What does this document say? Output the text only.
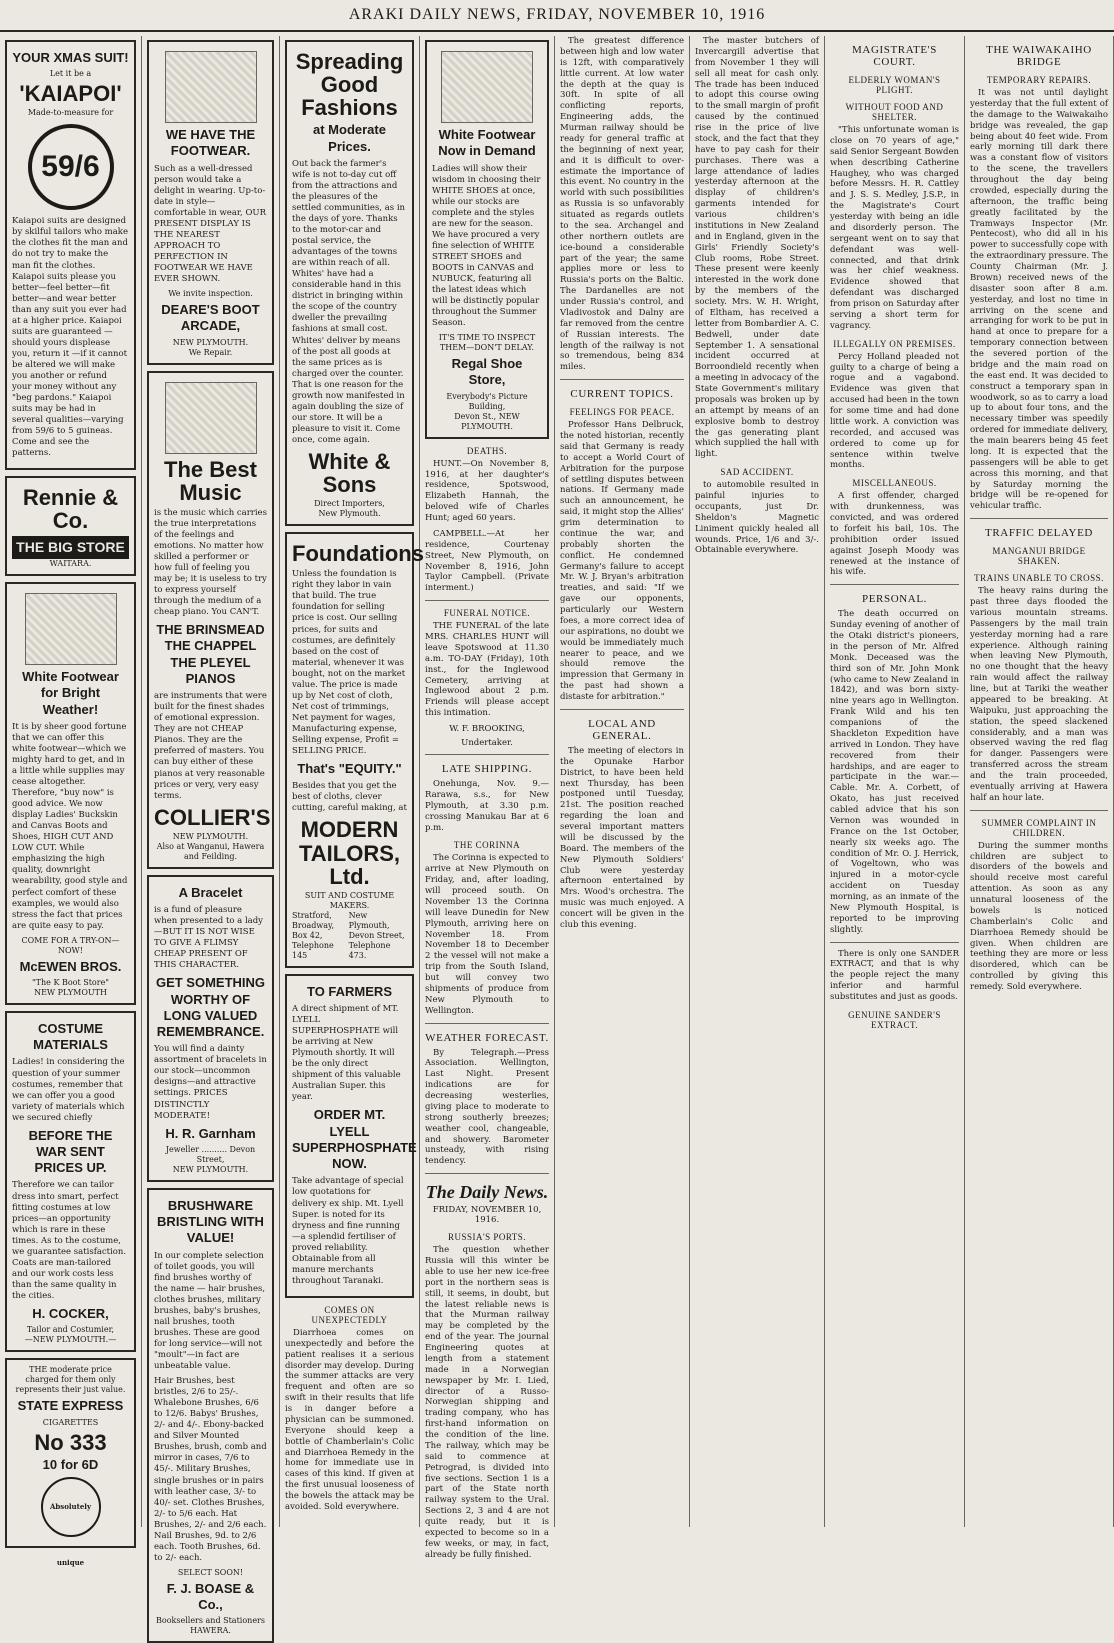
ARAKI DAILY NEWS, FRIDAY, NOVEMBER 10, 1916
YOUR XMAS SUIT!
Let it be a
'KAIAPOI'
Made-to-measure for
59/6
Kaiapoi suits are designed by skilful tailors who make the clothes fit the man and do not try to make the man fit the clothes. Kaiapoi suits please you better—feel better—fit better—and wear better than any suit you ever had at a higher price. Kaiapoi suits are guaranteed — should yours displease you, return it —if it cannot be altered we will make you another or refund your money without any "beg pardons." Kaiapoi suits may be had in several qualities—varying from 59/6 to 5 guineas. Come and see the patterns.
Rennie & Co.
THE BIG STORE
WAITARA.
White Footwear for Bright Weather!
It is by sheer good fortune that we can offer this white footwear—which we mighty hard to get, and in a little while supplies may cease altogether. Therefore, "buy now" is good advice. We now display Ladies' Buckskin and Canvas Boots and Shoes, HIGH CUT AND LOW CUT. While emphasizing the high quality, downright wearability, good style and perfect comfort of these examples, we would also stress the fact that prices are quite easy to pay.
COME FOR A TRY-ON— NOW!
McEWEN BROS.
"The K Boot Store"
NEW PLYMOUTH
COSTUME MATERIALS
Ladies! in considering the question of your summer costumes, remember that we can offer you a good variety of materials which we secured chiefly
BEFORE THE WAR SENT PRICES UP.
Therefore we can tailor dress into smart, perfect fitting costumes at low prices—an opportunity which is rare in these times. As to the costume, we guarantee satisfaction. Coats are man-tailored and our work costs less than the same quality in the cities.
H. COCKER,
Tailor and Costumier,
—NEW PLYMOUTH.—
THE moderate price charged for them only represents their just value.
STATE EXPRESS
CIGARETTES
No 333
10 for 6D
Absolutely unique
WE HAVE THE FOOTWEAR.
Such as a well-dressed person would take a delight in wearing. Up-to-date in style—comfortable in wear, OUR PRESENT DISPLAY IS THE NEAREST APPROACH TO PERFECTION IN FOOTWEAR WE HAVE EVER SHOWN.
We invite inspection.
DEARE'S BOOT ARCADE,
NEW PLYMOUTH.
We Repair.
The Best Music
is the music which carries the true interpretations of the feelings and emotions. No matter how skilled a performer or how full of feeling you may be; it is useless to try to express yourself through the medium of a cheap piano. You CAN'T.
THE BRINSMEAD THE CHAPPEL THE PLEYEL PIANOS
are instruments that were built for the finest shades of emotional expression. They are not CHEAP Pianos. They are the preferred of masters. You can buy either of these pianos at very reasonable prices or very, very easy terms.
COLLIER'S
NEW PLYMOUTH.
Also at Wanganui, Hawera and Feilding.
A Bracelet
is a fund of pleasure when presented to a lady—BUT IT IS NOT WISE TO GIVE A FLIMSY CHEAP PRESENT OF THIS CHARACTER.
GET SOMETHING WORTHY OF LONG VALUED REMEMBRANCE.
You will find a dainty assortment of bracelets in our stock—uncommon designs—and attractive settings. PRICES DISTINCTLY MODERATE!
H. R. Garnham
Jeweller .......... Devon Street,
NEW PLYMOUTH.
BRUSHWARE BRISTLING WITH VALUE!
In our complete selection of toilet goods, you will find brushes worthy of the name — hair brushes, clothes brushes, military brushes, baby's brushes, nail brushes, tooth brushes. These are good for long service—will not "moult"—in fact are unbeatable value.
Hair Brushes, best bristles, 2/6 to 25/-. Whalebone Brushes, 6/6 to 12/6. Babys' Brushes, 2/- and 4/-. Ebony-backed and Silver Mounted Brushes, brush, comb and mirror in cases, 7/6 to 45/-. Military Brushes, single brushes or in pairs with leather case, 3/- to 40/- set. Clothes Brushes, 2/- to 5/6 each. Hat Brushes, 2/- and 2/6 each. Nail Brushes, 9d. to 2/6 each. Tooth Brushes, 6d. to 2/- each.
SELECT SOON!
F. J. BOASE & Co.,
Booksellers and Stationers
HAWERA.
Spreading Good Fashions
at Moderate Prices.
Out back the farmer's wife is not to-day cut off from the attractions and the pleasures of the settled communities, as in the days of yore. Thanks to the motor-car and postal service, the advantages of the towns are within reach of all. Whites' have had a considerable hand in this district in bringing within the scope of the country dweller the prevailing fashions at small cost. Whites' deliver by means of the post all goods at the same prices as is charged over the counter. That is one reason for the growth now manifested in again doubling the size of our store. It will be a pleasure to visit it. Come once, come again.
White & Sons
Direct Importers,
New Plymouth.
Foundations
Unless the foundation is right they labor in vain that build. The true foundation for selling price is cost. Our selling prices, for suits and costumes, are definitely based on the cost of material, whenever it was bought, not on the market value. The price is made up by Net cost of cloth, Net cost of trimmings, Net payment for wages, Manufacturing expense, Selling expense, Profit = SELLING PRICE.
That's "EQUITY."
Besides that you get the best of cloths, clever cutting, careful making, at
MODERN TAILORS, Ltd.
SUIT AND COSTUME MAKERS.
Stratford, Broadway, Box 42, Telephone 145
New Plymouth, Devon Street, Telephone 473.
TO FARMERS
A direct shipment of MT. LYELL SUPERPHOSPHATE will be arriving at New Plymouth shortly. It will be the only direct shipment of this valuable Australian Super. this year.
ORDER MT. LYELL SUPERPHOSPHATE NOW.
Take advantage of special low quotations for delivery ex ship. Mt. Lyell Super. is noted for its dryness and fine running—a splendid fertiliser of proved reliability. Obtainable from all manure merchants throughout Taranaki.
COMES ON UNEXPECTEDLY

Diarrhoea comes on unexpectedly and before the patient realises it a serious disorder may develop. During the summer attacks are very frequent and often are so swift in their results that life is in danger before a physician can be summoned. Everyone should keep a bottle of Chamberlain's Colic and Diarrhoea Remedy in the home for immediate use in cases of this kind. If given at the first unusual looseness of the bowels the attack may be avoided. Sold everywhere.

White Footwear Now in Demand
Ladies will show their wisdom in choosing their WHITE SHOES at once, while our stocks are complete and the styles are new for the season. We have procured a very fine selection of WHITE STREET SHOES and BOOTS in CANVAS and NUBUCK, featuring all the latest ideas which will be distinctly popular throughout the Summer Season.
IT'S TIME TO INSPECT THEM—DON'T DELAY.
Regal Shoe Store,
Everybody's Picture Building,
Devon St., NEW PLYMOUTH.
DEATHS.

HUNT.—On November 8, 1916, at her daughter's residence, Spotswood, Elizabeth Hannah, the beloved wife of Charles Hunt; aged 60 years.

CAMPBELL.—At her residence, Courtenay Street, New Plymouth, on November 8, 1916, John Taylor Campbell. (Private interment.)

FUNERAL NOTICE.

THE FUNERAL of the late MRS. CHARLES HUNT will leave Spotswood at 11.30 a.m. TO-DAY (Friday), 10th inst., for the Inglewood Cemetery, arriving at Inglewood about 2 p.m. Friends will please accept this intimation.

W. F. BROOKING,
Undertaker.
LATE SHIPPING.

Onehunga, Nov. 9.—Rarawa, s.s., for New Plymouth, at 3.30 p.m. crossing Manukau Bar at 6 p.m.

THE CORINNA

The Corinna is expected to arrive at New Plymouth on Friday, and, after loading, will proceed south. On November 13 the Corinna will leave Dunedin for New Plymouth, arriving here on November 18. From November 18 to December 2 the vessel will not make a trip from the South Island, but will convey two shipments of produce from New Plymouth to Wellington.

WEATHER FORECAST.

By Telegraph.—Press Association. Wellington, Last Night. Present indications are for decreasing westerlies, giving place to moderate to strong southerly breezes; weather cool, changeable, and showery. Barometer unsteady, with rising tendency.

The Daily News.
FRIDAY, NOVEMBER 10, 1916.
RUSSIA'S PORTS.

The question whether Russia will this winter be able to use her new ice-free port in the northern seas is still, it seems, in doubt, but the latest reliable news is that the Murman railway may be completed by the end of the year. The journal Engineering quotes at length from a statement made in a Norwegian newspaper by Mr. I. Lied, director of a Russo-Norwegian shipping and trading company, who has first-hand information on the condition of the line. The railway, which may be said to commence at Petrograd, is divided into five sections. Section 1 is a part of the State north railway system to the Ural. Sections 2, 3 and 4 are not quite ready, but it is expected to become so in a few weeks, or may, in fact, already be fully finished.

The greatest difference between high and low water is 12ft, with comparatively little current. At low water the depth at the quay is 30ft. In spite of all conflicting reports, Engineering adds, the Murman railway should be ready for general traffic at the beginning of next year, and it is difficult to over-estimate the importance of this event. No country in the world with such possibilities as Russia is so unfavorably situated as regards outlets to the sea. Archangel and other northern outlets are ice-bound a considerable part of the year; the same applies more or less to Russia's ports on the Baltic. The Dardanelles are not under Russia's control, and Vladivostok and Dalny are far removed from the centre of Russian interests. The length of the railway is not so tremendous, being 834 miles.

CURRENT TOPICS.
FEELINGS FOR PEACE.

Professor Hans Delbruck, the noted historian, recently said that Germany is ready to accept a World Court of Arbitration for the purpose of settling disputes between nations. If Germany made such an announcement, he said, it might stop the Allies' grim determination to continue the war, and probably shorten the conflict. He condemned Germany's failure to accept Mr. W. J. Bryan's arbitration treaties, and said: "If we gave our opponents, particularly our Western foes, a more correct idea of our aspirations, no doubt we would be immediately much nearer to peace, and we should remove the impression that Germany in the past had shown a distaste for arbitration."

LOCAL AND GENERAL.

The meeting of electors in the Opunake Harbor District, to have been held next Thursday, has been postponed until Tuesday, 21st. The position reached regarding the loan and several important matters will be discussed by the Board. The members of the New Plymouth Soldiers' Club were yesterday afternoon entertained by Mrs. Wood's orchestra. The music was much enjoyed. A concert will be given in the club this evening.

The master butchers of Invercargill advertise that from November 1 they will sell all meat for cash only. The trade has been induced to adopt this course owing to the small margin of profit caused by the continued rise in the price of live stock, and the fact that they have to pay cash for their purchases. There was a large attendance of ladies yesterday afternoon at the display of children's garments intended for various children's institutions in New Zealand and in England, given in the Girls' Friendly Society's Club rooms, Robe Street. These present were keenly interested in the work done by the members of the society. Mrs. W. H. Wright, of Eltham, has received a letter from Bombardier A. C. Bedwell, under date September 1. A sensational incident occurred at Borroondield recently when a meeting in advocacy of the State Government's military proposals was broken up by an attempt by means of an explosive bomb to destroy the gas generating plant which supplied the hall with light.

SAD ACCIDENT.

to automobile resulted in painful injuries to occupants, just Dr. Sheldon's Magnetic Liniment quickly healed all wounds. Price, 1/6 and 3/-. Obtainable everywhere.

MAGISTRATE'S COURT.
ELDERLY WOMAN'S PLIGHT.
WITHOUT FOOD AND SHELTER.

"This unfortunate woman is close on 70 years of age," said Senior Sergeant Bowden when describing Catherine Haughey, who was charged before Messrs. H. R. Cattley and J. S. S. Medley, J.S.P., in the Magistrate's Court yesterday with being an idle and disorderly person. The sergeant went on to say that defendant was well-connected, and that drink was her chief weakness. Evidence showed that defendant was discharged from prison on Saturday after serving a short term for vagrancy.

ILLEGALLY ON PREMISES.

Percy Holland pleaded not guilty to a charge of being a rogue and a vagabond. Evidence was given that accused had been in the town for some time and had done little work. A conviction was recorded, and accused was ordered to come up for sentence within twelve months.

MISCELLANEOUS.

A first offender, charged with drunkenness, was convicted, and was ordered to forfeit his bail, 10s. The prohibition order issued against Joseph Moody was renewed at the instance of his wife.

PERSONAL.

The death occurred on Sunday evening of another of the Otaki district's pioneers, in the person of Mr. Alfred Monk. Deceased was the third son of Mr. John Monk (who came to New Zealand in 1842), and was born sixty-nine years ago in Wellington. Frank Wild and his ten companions of the Shackleton Expedition have arrived in London. They have recovered from their hardships, and are eager to participate in the war.—Cable. Mr. A. Corbett, of Okato, has just received cabled advice that his son Vernon was wounded in France on the 1st October, nearly six weeks ago. The condition of Mr. O. J. Herrick, of Vogeltown, who was injured in a motor-cycle accident on Tuesday morning, as an inmate of the New Plymouth Hospital, is reported to be improving slightly.

There is only one SANDER EXTRACT, and that is why the people reject the many inferior and harmful substitutes and just as goods.

GENUINE SANDER'S EXTRACT.
THE WAIWAKAIHO BRIDGE
TEMPORARY REPAIRS.

It was not until daylight yesterday that the full extent of the damage to the Waiwakaiho bridge was revealed, the gap being about 40 feet wide. From early morning till dark there was a constant flow of visitors to the scene, the travellers throughout the day being crowded, especially during the afternoon, the traffic being greatly facilitated by the Tramways Inspector (Mr. Pentecost), who did all in his power to successfully cope with the extraordinary pressure. The County Chairman (Mr. J. Brown) received news of the disaster soon after 8 a.m. yesterday, and lost no time in arriving on the scene and arranging for work to be put in hand at once to prepare for a temporary connection between the severed portion of the bridge and the main road on the east end. It was decided to construct a temporary span in woodwork, so as to carry a load up to about four tons, and the necessary timber was speedily ordered for immediate delivery, the main bearers being 45 feet long. It is expected that the passengers will be able to get across this morning, and that by Saturday morning the bridge will be re-opened for vehicular traffic.

TRAFFIC DELAYED
MANGANUI BRIDGE SHAKEN.
TRAINS UNABLE TO CROSS.

The heavy rains during the past three days flooded the various mountain streams. Passengers by the mail train yesterday morning had a rare experience. Although raining when leaving New Plymouth, no one thought that the heavy rain would affect the railway line, but at Tariki the weather appeared to be breaking. At Waipuku, just approaching the station, the speed slackened considerably, and a man was observed waving the red flag for danger. Passengers were transferred across the stream and the train proceeded, eventually arriving at Hawera half an hour late.

SUMMER COMPLAINT IN CHILDREN.

During the summer months children are subject to disorders of the bowels and should receive most careful attention. As soon as any unnatural looseness of the bowels is noticed Chamberlain's Colic and Diarrhoea Remedy should be given. When children are teething they are more or less disordered, which can be controlled by giving this remedy. Sold everywhere.
